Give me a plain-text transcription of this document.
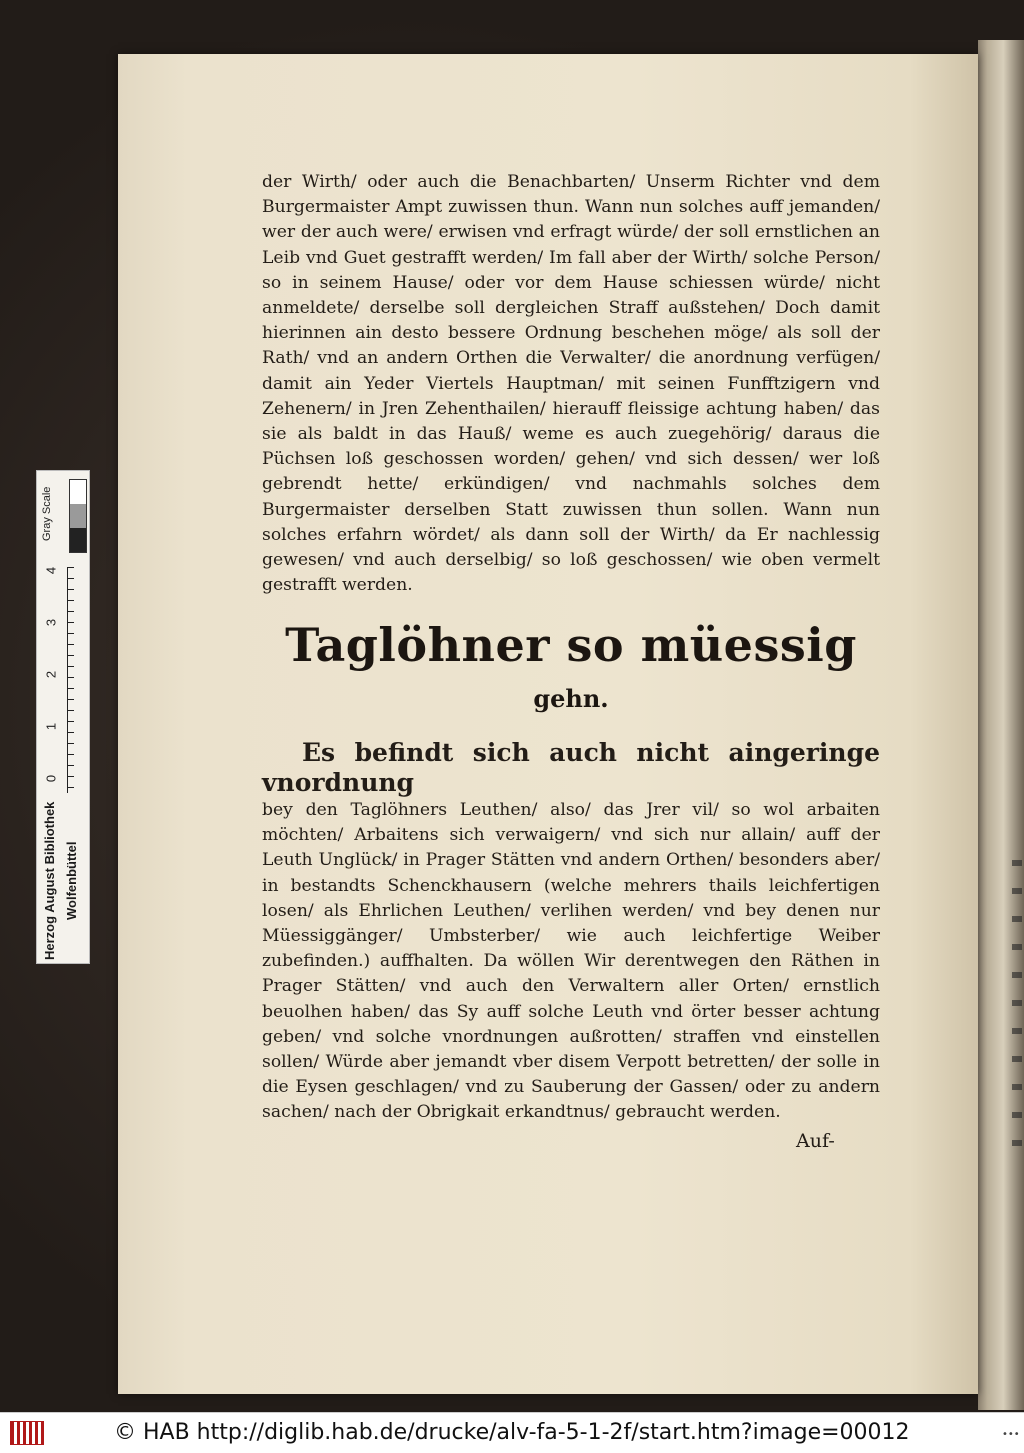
Gray Scale
0
1
2
3
4
Herzog August Bibliothek Wolfenbüttel

der Wirth/ oder auch die Benachbarten/ Unserm Richter vnd dem Burgermaister Ampt zuwissen thun. Wann nun solches auff jemanden/ wer der auch were/ erwisen vnd erfragt würde/ der soll ernstlichen an Leib vnd Guet gestrafft werden/ Im fall aber der Wirth/ solche Person/ so in seinem Hause/ oder vor dem Hause schiessen würde/ nicht anmeldete/ derselbe soll dergleichen Straff außstehen/ Doch damit hierinnen ain desto bessere Ordnung beschehen möge/ als soll der Rath/ vnd an andern Orthen die Verwalter/ die anordnung verfügen/ damit ain Yeder Viertels Hauptman/ mit seinen Funfftzigern vnd Zehenern/ in Jren Zehenthailen/ hierauff fleissige achtung haben/ das sie als baldt in das Hauß/ weme es auch zuegehörig/ daraus die Püchsen loß geschossen worden/ gehen/ vnd sich dessen/ wer loß gebrendt hette/ erkündigen/ vnd nachmahls solches dem Burgermaister derselben Statt zuwissen thun sollen. Wann nun solches erfahrn wördet/ als dann soll der Wirth/ da Er nachlessig gewesen/ vnd auch derselbig/ so loß geschossen/ wie oben vermelt gestrafft werden.

Taglöhner so müessig
gehn.
Es befindt sich auch nicht aingeringe vnordnung
bey den Taglöhners Leuthen/ also/ das Jrer vil/ so wol arbaiten möchten/ Arbaitens sich verwaigern/ vnd sich nur allain/ auff der Leuth Unglück/ in Prager Stätten vnd andern Orthen/ besonders aber/ in bestandts Schenckhausern (welche mehrers thails leichfertigen losen/ als Ehrlichen Leuthen/ verlihen werden/ vnd bey denen nur Müessiggänger/ Umbsterber/ wie auch leichfertige Weiber zubefinden.) auffhalten. Da wöllen Wir derentwegen den Räthen in Prager Stätten/ vnd auch den Verwaltern aller Orten/ ernstlich beuolhen haben/ das Sy auff solche Leuth vnd örter besser achtung geben/ vnd solche vnordnungen außrotten/ straffen vnd einstellen sollen/ Würde aber jemandt vber disem Verpott betretten/ der solle in die Eysen geschlagen/ vnd zu Sauberung der Gassen/ oder zu andern sachen/ nach der Obrigkait erkandtnus/ gebraucht werden.
Auf-
© HAB http://diglib.hab.de/drucke/alv-fa-5-1-2f/start.htm?image=00012	•••
